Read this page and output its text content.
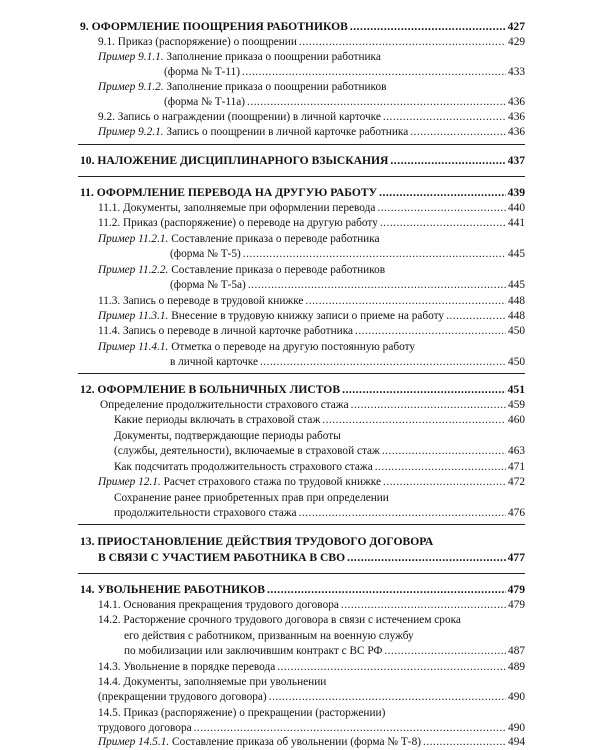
9. ОФОРМЛЕНИЕ ПООЩРЕНИЯ РАБОТНИКОВ .....	427
9.1. Приказ (распоряжение) о поощрении .....	429
Пример 9.1.1. Заполнение приказа о поощрении работника
(форма № Т-11) .....	433
Пример 9.1.2. Заполнение приказа о поощрении работников
(форма № Т-11а) .....	436
9.2. Запись о награждении (поощрении) в личной карточке .....	436
Пример 9.2.1. Запись о поощрении в личной карточке работника .....	436
10. НАЛОЖЕНИЕ ДИСЦИПЛИНАРНОГО ВЗЫСКАНИЯ .....	437
11. ОФОРМЛЕНИЕ ПЕРЕВОДА НА ДРУГУЮ РАБОТУ .....	439
11.1. Документы, заполняемые при оформлении перевода .....	440
11.2. Приказ (распоряжение) о переводе на другую работу .....	441
Пример 11.2.1. Составление приказа о переводе работника
(форма № Т-5) .....	445
Пример 11.2.2. Составление приказа о переводе работников
(форма № Т-5а) .....	445
11.3. Запись о переводе в трудовой книжке .....	448
Пример 11.3.1. Внесение в трудовую книжку записи о приеме на работу .....	448
11.4. Запись о переводе в личной карточке работника .....	450
Пример 11.4.1. Отметка о переводе на другую постоянную работу
в личной карточке .....	450
12. ОФОРМЛЕНИЕ В БОЛЬНИЧНЫХ ЛИСТОВ .....	451
Определение продолжительности страхового стажа .....	459
Какие периоды включать в страховой стаж .....	460
Документы, подтверждающие периоды работы
(службы, деятельности), включаемые в страховой стаж .....	463
Как подсчитать продолжительность страхового стажа .....	471
Пример 12.1. Расчет страхового стажа по трудовой книжке .....	472
Сохранение ранее приобретенных прав при определении
продолжительности страхового стажа .....	476
13. ПРИОСТАНОВЛЕНИЕ ДЕЙСТВИЯ ТРУДОВОГО ДОГОВОРА
В СВЯЗИ С УЧАСТИЕМ РАБОТНИКА В СВО .....	477
14. УВОЛЬНЕНИЕ РАБОТНИКОВ .....	479
14.1. Основания прекращения трудового договора .....	479
14.2. Расторжение срочного трудового договора в связи с истечением срока
его действия с работником, призванным на военную службу
по мобилизации или заключившим контракт с ВС РФ .....	487
14.3. Увольнение в порядке перевода .....	489
14.4. Документы, заполняемые при увольнении
(прекращении трудового договора) .....	490
14.5. Приказ (распоряжение) о прекращении (расторжении)
трудового договора .....	490
Пример 14.5.1. Составление приказа об увольнении (форма № Т-8) .....	494
